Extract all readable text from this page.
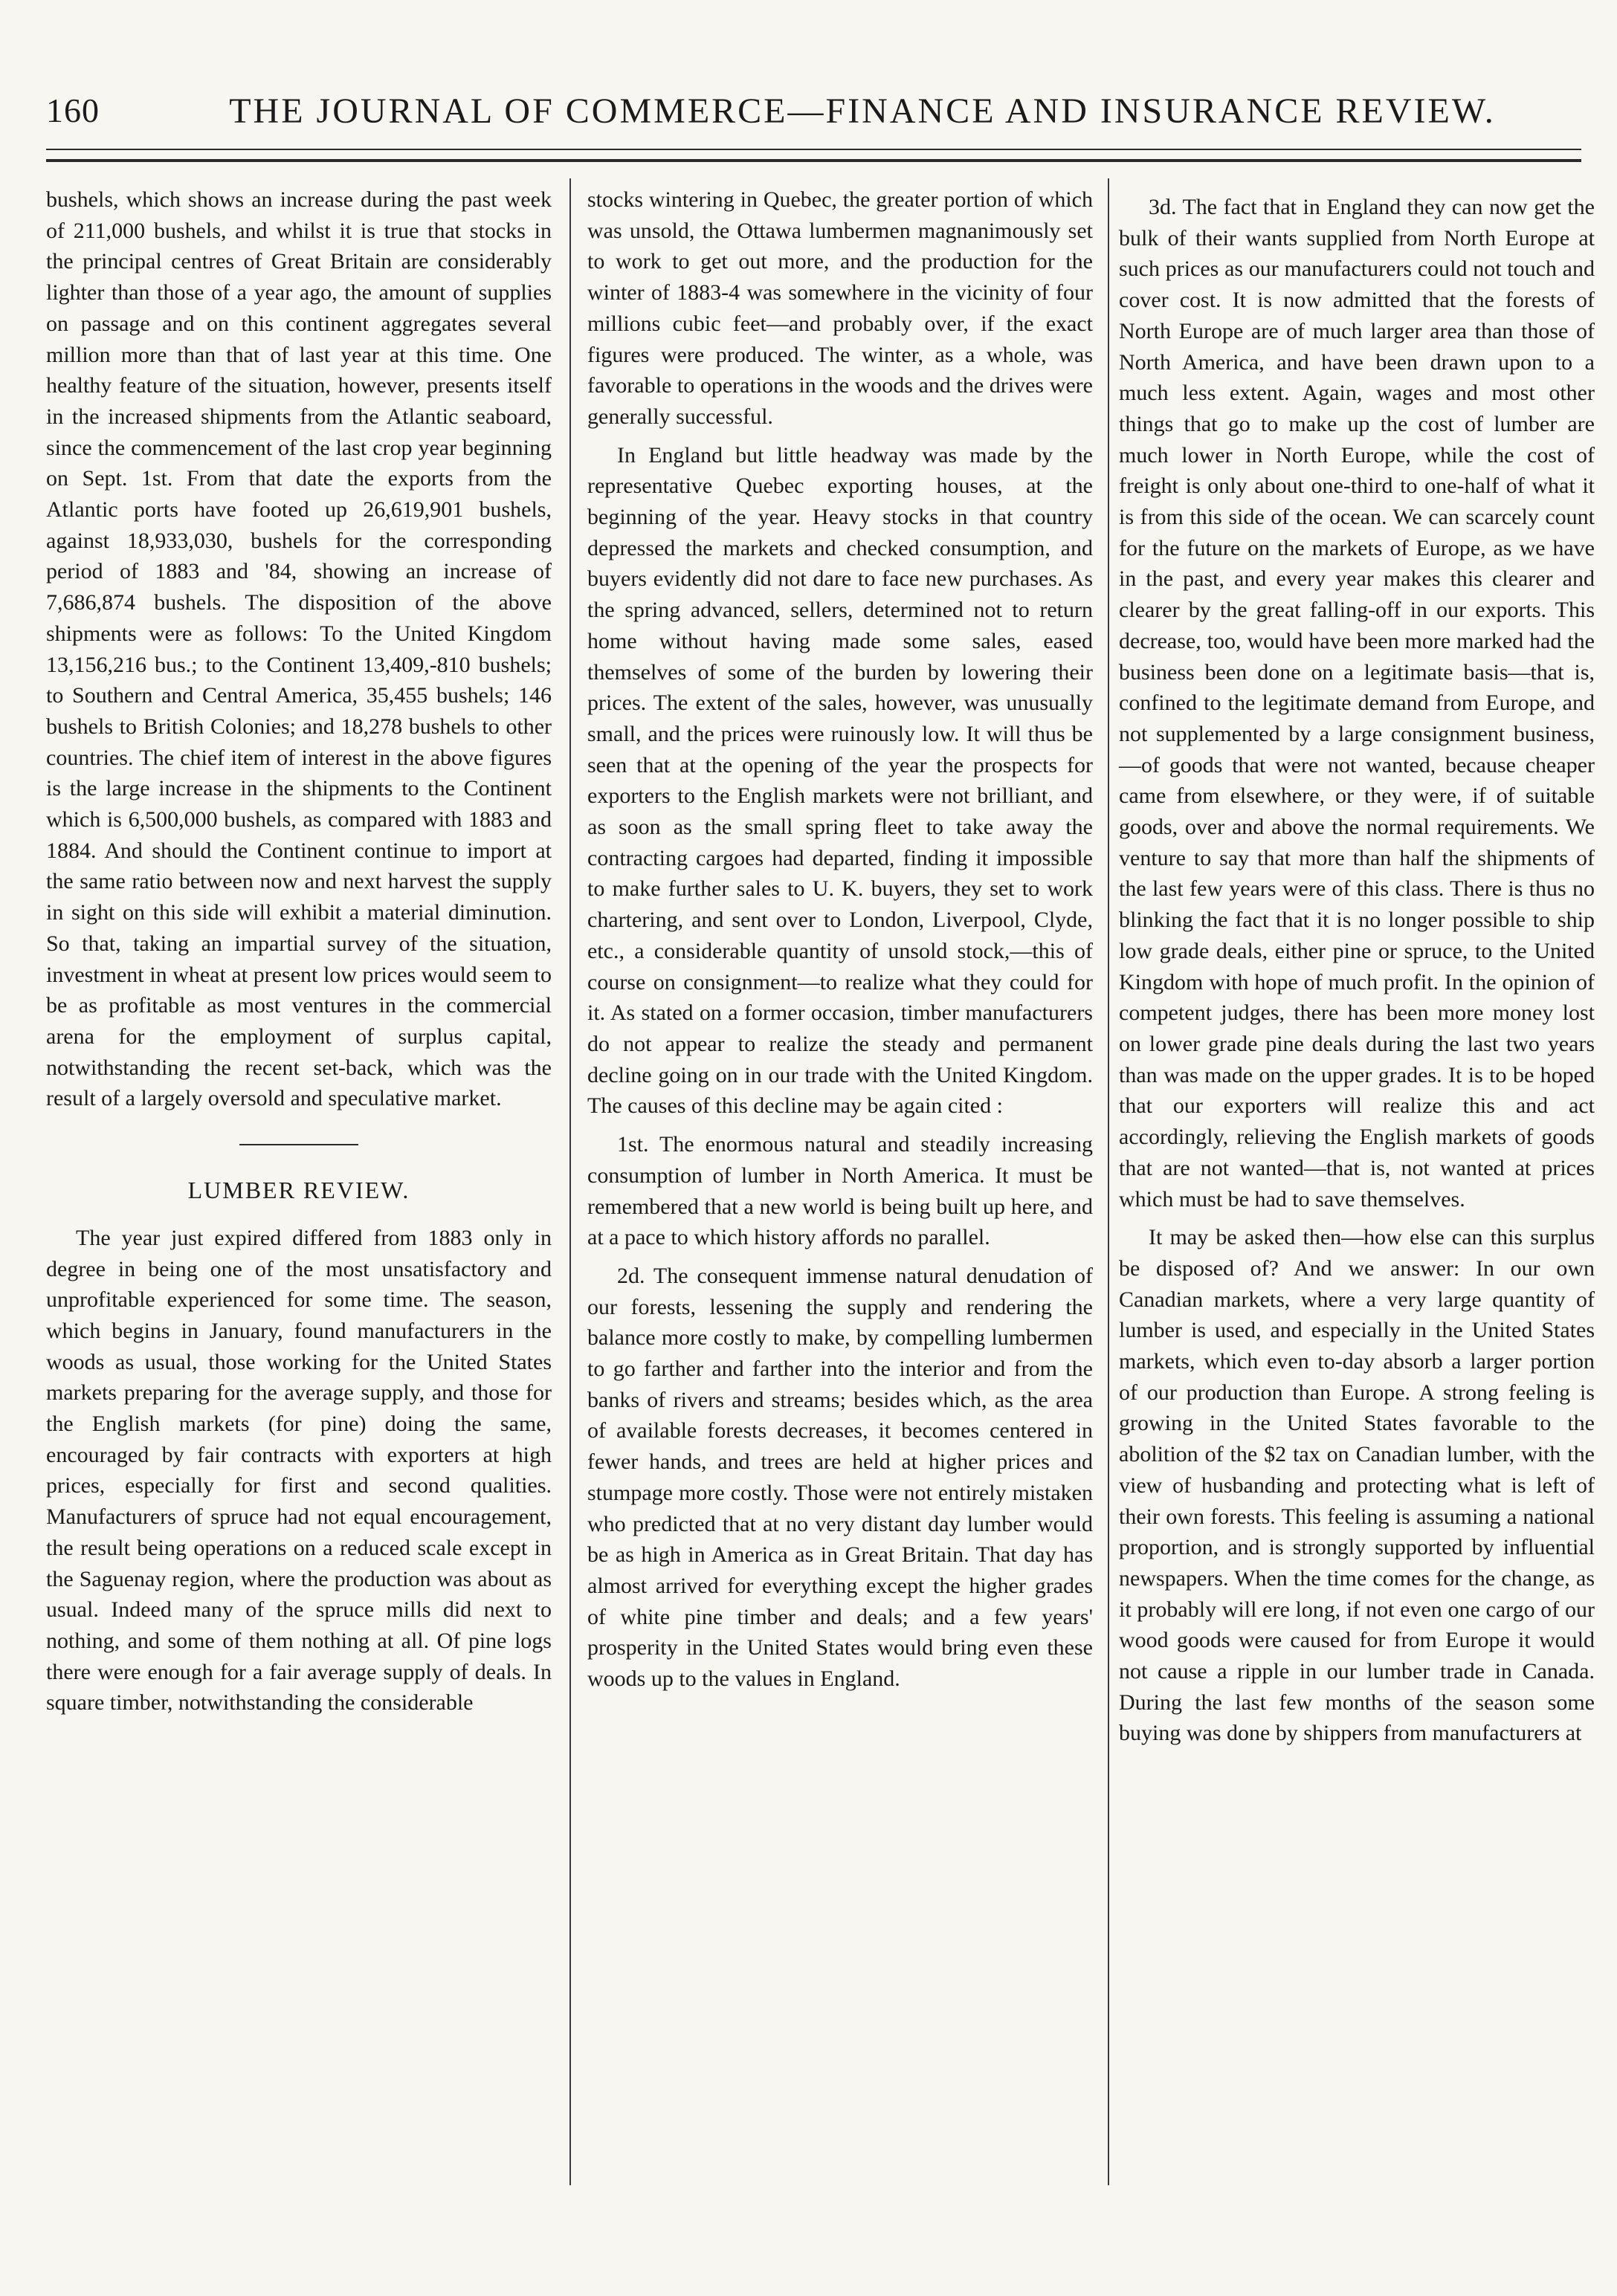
160	THE JOURNAL OF COMMERCE—FINANCE AND INSURANCE REVIEW.

bushels, which shows an increase during the past week of 211,000 bushels, and whilst it is true that stocks in the principal centres of Great Britain are considerably lighter than those of a year ago, the amount of supplies on passage and on this continent aggregates several million more than that of last year at this time. One healthy feature of the situation, however, presents itself in the increased shipments from the Atlantic seaboard, since the commencement of the last crop year beginning on Sept. 1st. From that date the exports from the Atlantic ports have footed up 26,619,901 bushels, against 18,933,030, bushels for the corresponding period of 1883 and '84, showing an increase of 7,686,874 bushels. The disposition of the above shipments were as follows: To the United Kingdom 13,156,216 bus.; to the Continent 13,409,-810 bushels; to Southern and Central America, 35,455 bushels; 146 bushels to British Colonies; and 18,278 bushels to other countries. The chief item of interest in the above figures is the large increase in the shipments to the Continent which is 6,500,000 bushels, as compared with 1883 and 1884. And should the Continent continue to import at the same ratio between now and next harvest the supply in sight on this side will exhibit a material diminution. So that, taking an impartial survey of the situation, investment in wheat at present low prices would seem to be as profitable as most ventures in the commercial arena for the employment of surplus capital, notwithstanding the recent set-back, which was the result of a largely oversold and speculative market.

LUMBER REVIEW.

The year just expired differed from 1883 only in degree in being one of the most unsatisfactory and unprofitable experienced for some time. The season, which begins in January, found manufacturers in the woods as usual, those working for the United States markets preparing for the average supply, and those for the English markets (for pine) doing the same, encouraged by fair contracts with exporters at high prices, especially for first and second qualities. Manufacturers of spruce had not equal encouragement, the result being operations on a reduced scale except in the Saguenay region, where the production was about as usual. Indeed many of the spruce mills did next to nothing, and some of them nothing at all. Of pine logs there were enough for a fair average supply of deals. In square timber, notwithstanding the considerable

stocks wintering in Quebec, the greater portion of which was unsold, the Ottawa lumbermen magnanimously set to work to get out more, and the production for the winter of 1883-4 was somewhere in the vicinity of four millions cubic feet—and probably over, if the exact figures were produced. The winter, as a whole, was favorable to operations in the woods and the drives were generally successful.

In England but little headway was made by the representative Quebec exporting houses, at the beginning of the year. Heavy stocks in that country depressed the markets and checked consumption, and buyers evidently did not dare to face new purchases. As the spring advanced, sellers, determined not to return home without having made some sales, eased themselves of some of the burden by lowering their prices. The extent of the sales, however, was unusually small, and the prices were ruinously low. It will thus be seen that at the opening of the year the prospects for exporters to the English markets were not brilliant, and as soon as the small spring fleet to take away the contracting cargoes had departed, finding it impossible to make further sales to U. K. buyers, they set to work chartering, and sent over to London, Liverpool, Clyde, etc., a considerable quantity of unsold stock,—this of course on consignment—to realize what they could for it. As stated on a former occasion, timber manufacturers do not appear to realize the steady and permanent decline going on in our trade with the United Kingdom. The causes of this decline may be again cited :

1st. The enormous natural and steadily increasing consumption of lumber in North America. It must be remembered that a new world is being built up here, and at a pace to which history affords no parallel.

2d. The consequent immense natural denudation of our forests, lessening the supply and rendering the balance more costly to make, by compelling lumbermen to go farther and farther into the interior and from the banks of rivers and streams; besides which, as the area of available forests decreases, it becomes centered in fewer hands, and trees are held at higher prices and stumpage more costly. Those were not entirely mistaken who predicted that at no very distant day lumber would be as high in America as in Great Britain. That day has almost arrived for everything except the higher grades of white pine timber and deals; and a few years' prosperity in the United States would bring even these woods up to the values in England.

3d. The fact that in England they can now get the bulk of their wants supplied from North Europe at such prices as our manufacturers could not touch and cover cost. It is now admitted that the forests of North Europe are of much larger area than those of North America, and have been drawn upon to a much less extent. Again, wages and most other things that go to make up the cost of lumber are much lower in North Europe, while the cost of freight is only about one-third to one-half of what it is from this side of the ocean. We can scarcely count for the future on the markets of Europe, as we have in the past, and every year makes this clearer and clearer by the great falling-off in our exports. This decrease, too, would have been more marked had the business been done on a legitimate basis—that is, confined to the legitimate demand from Europe, and not supplemented by a large consignment business,—of goods that were not wanted, because cheaper came from elsewhere, or they were, if of suitable goods, over and above the normal requirements. We venture to say that more than half the shipments of the last few years were of this class. There is thus no blinking the fact that it is no longer possible to ship low grade deals, either pine or spruce, to the United Kingdom with hope of much profit. In the opinion of competent judges, there has been more money lost on lower grade pine deals during the last two years than was made on the upper grades. It is to be hoped that our exporters will realize this and act accordingly, relieving the English markets of goods that are not wanted—that is, not wanted at prices which must be had to save themselves.

It may be asked then—how else can this surplus be disposed of? And we answer: In our own Canadian markets, where a very large quantity of lumber is used, and especially in the United States markets, which even to-day absorb a larger portion of our production than Europe. A strong feeling is growing in the United States favorable to the abolition of the $2 tax on Canadian lumber, with the view of husbanding and protecting what is left of their own forests. This feeling is assuming a national proportion, and is strongly supported by influential newspapers. When the time comes for the change, as it probably will ere long, if not even one cargo of our wood goods were caused for from Europe it would not cause a ripple in our lumber trade in Canada. During the last few months of the season some buying was done by shippers from manufacturers at
